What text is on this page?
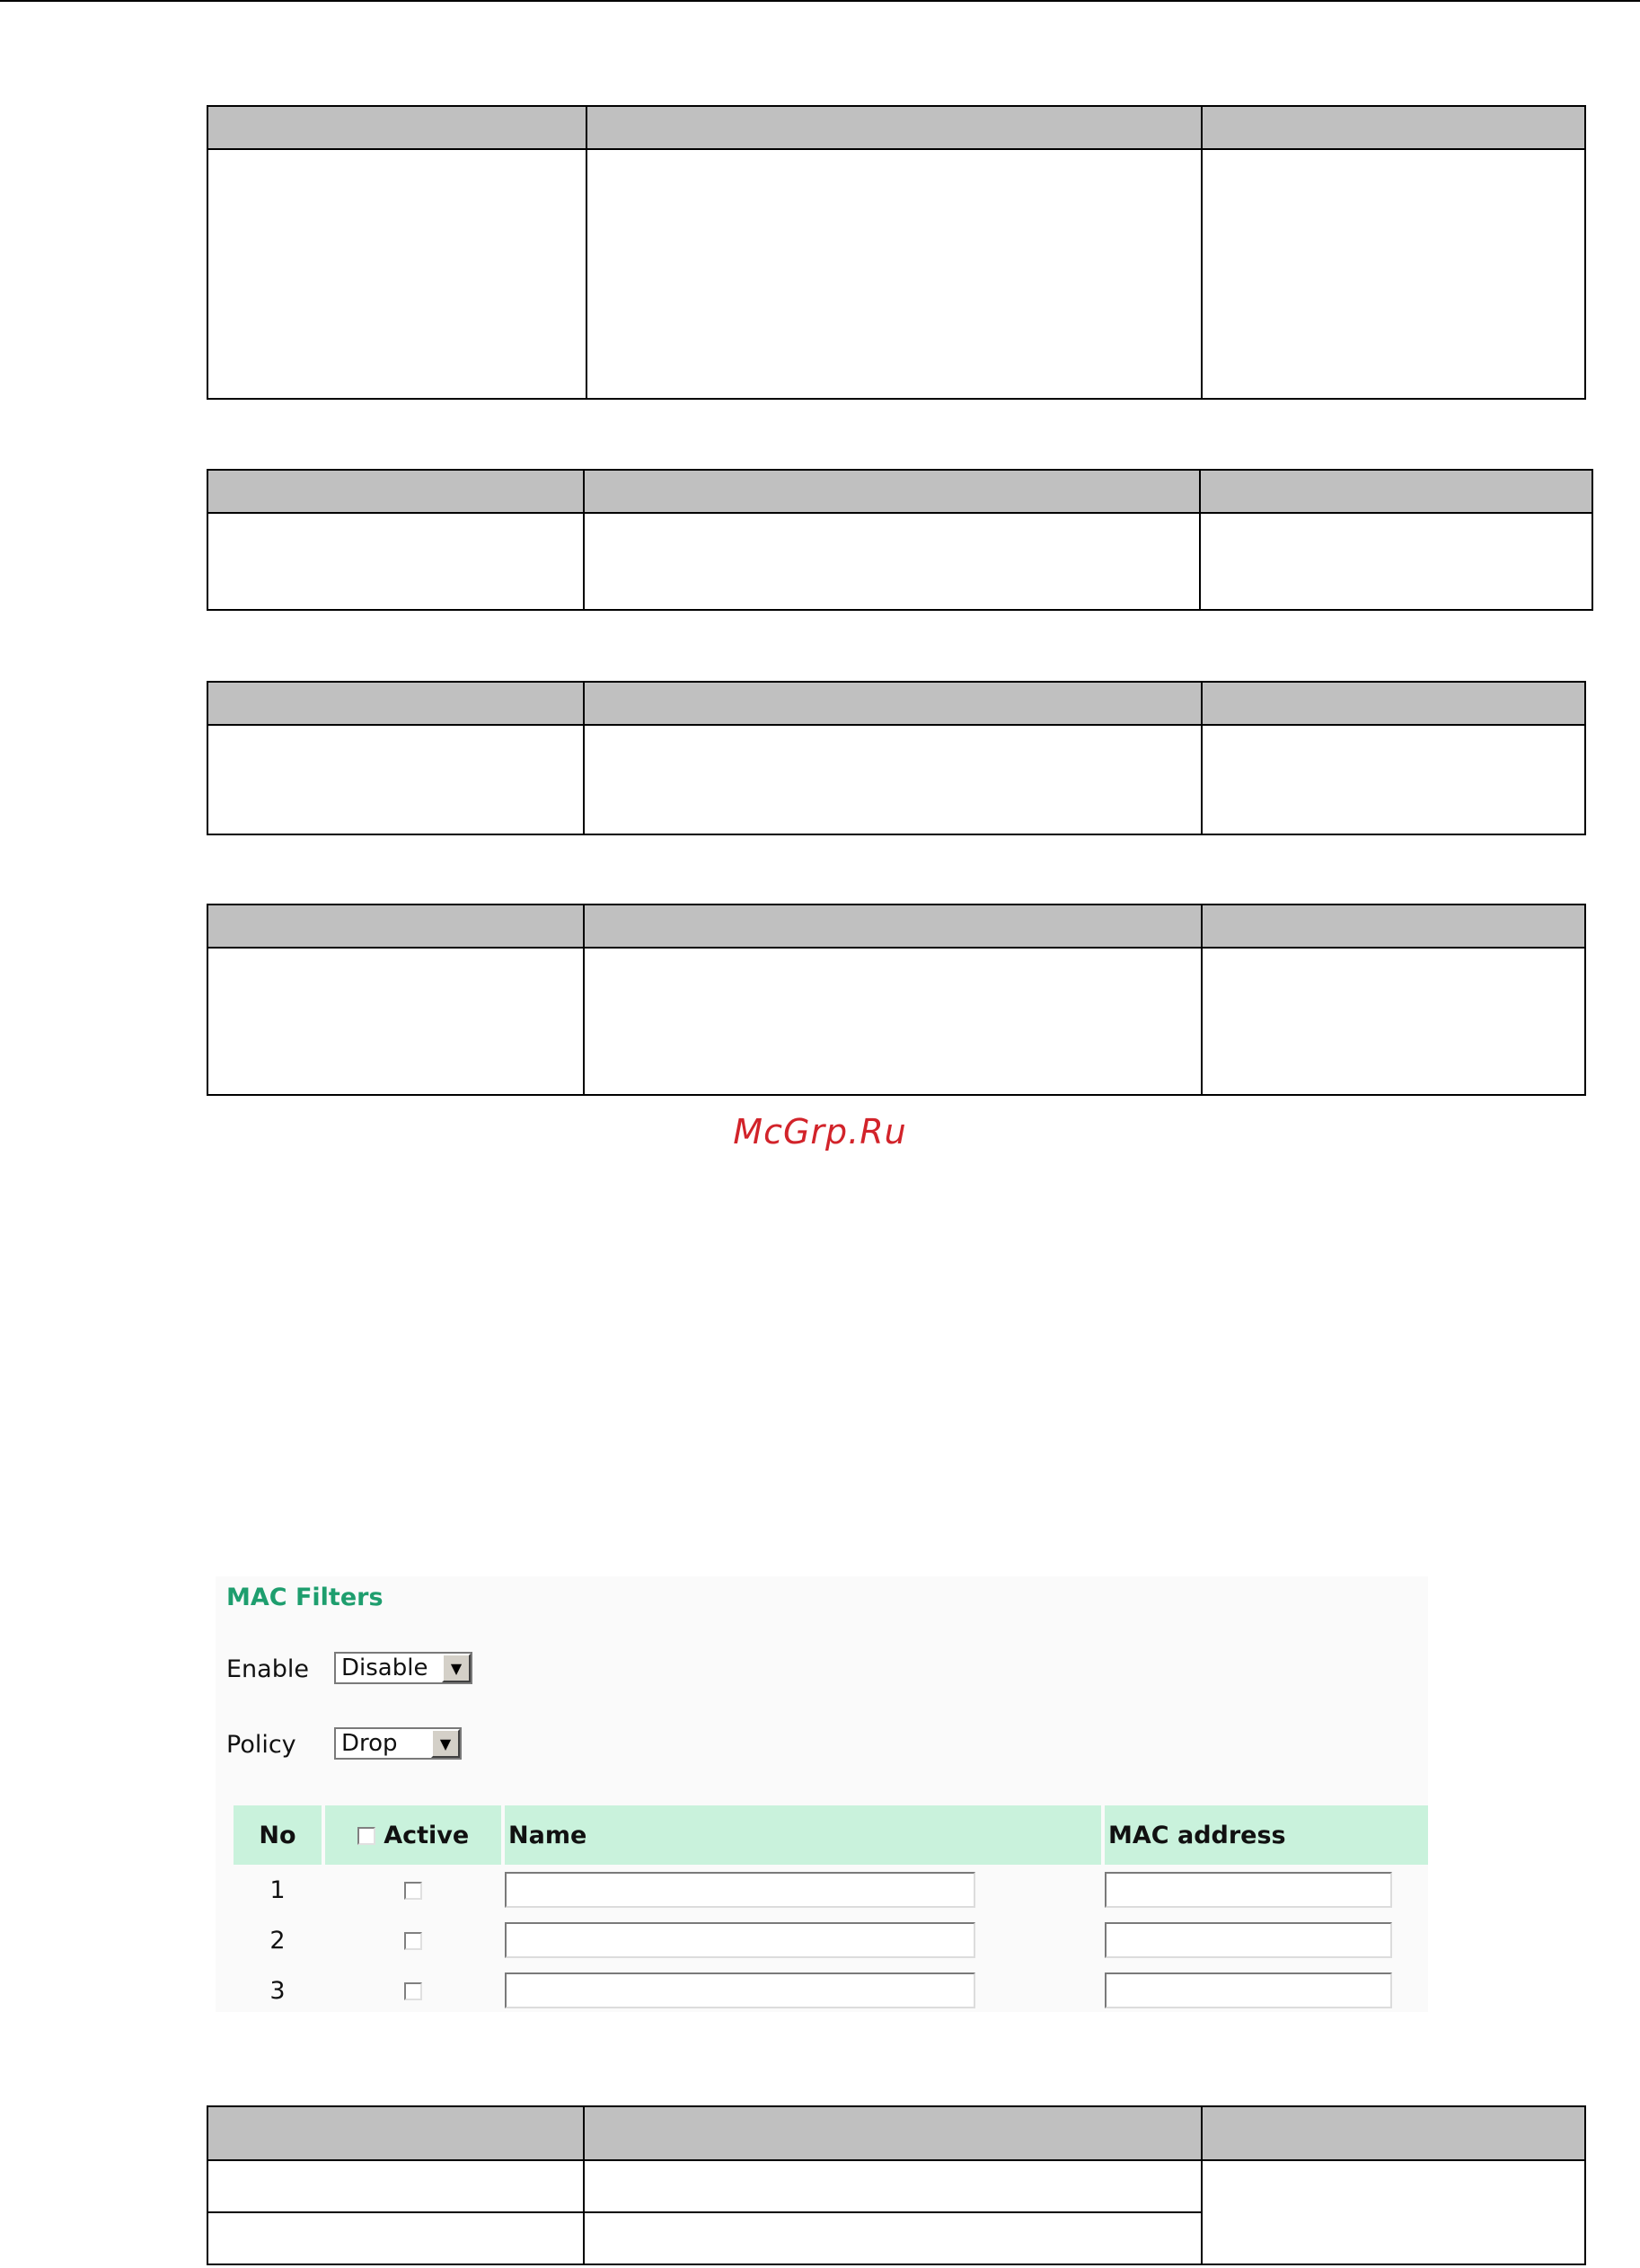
McGrp.Ru
MAC Filters
Enable Disable	▼
Policy Drop	▼
No	Active	Name	MAC address
1		

2		

3		
